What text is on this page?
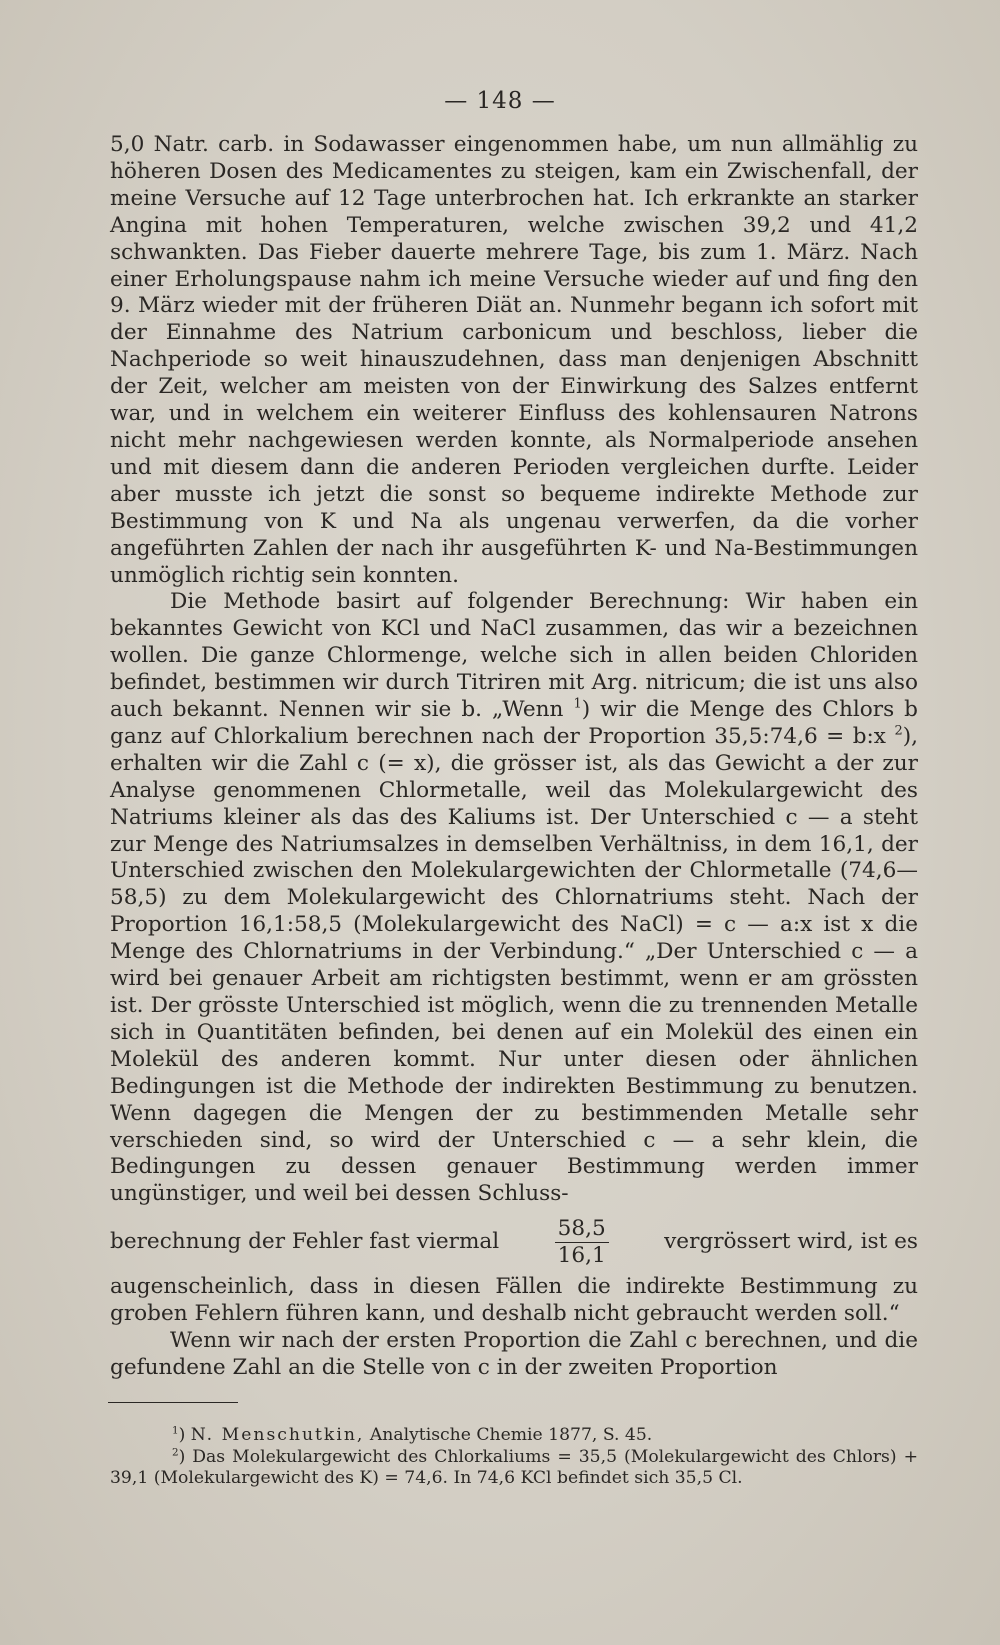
— 148 —

5,0 Natr. carb. in Sodawasser eingenommen habe, um nun allmählig zu höheren Dosen des Medicamentes zu steigen, kam ein Zwischenfall, der meine Versuche auf 12 Tage unterbrochen hat. Ich erkrankte an starker Angina mit hohen Temperaturen, welche zwischen 39,2 und 41,2 schwankten. Das Fieber dauerte mehrere Tage, bis zum 1. März. Nach einer Erholungspause nahm ich meine Versuche wieder auf und fing den 9. März wieder mit der früheren Diät an. Nunmehr begann ich sofort mit der Einnahme des Natrium carbonicum und beschloss, lieber die Nachperiode so weit hinauszudehnen, dass man denjenigen Abschnitt der Zeit, welcher am meisten von der Einwirkung des Salzes entfernt war, und in welchem ein weiterer Einfluss des kohlensauren Natrons nicht mehr nachgewiesen werden konnte, als Normalperiode ansehen und mit diesem dann die anderen Perioden vergleichen durfte. Leider aber musste ich jetzt die sonst so bequeme indirekte Methode zur Bestimmung von K und Na als ungenau verwerfen, da die vorher angeführten Zahlen der nach ihr ausgeführten K- und Na-Bestimmungen unmöglich richtig sein konnten.

Die Methode basirt auf folgender Berechnung: Wir haben ein bekanntes Gewicht von KCl und NaCl zusammen, das wir a bezeichnen wollen. Die ganze Chlormenge, welche sich in allen beiden Chloriden befindet, bestimmen wir durch Titriren mit Arg. nitricum; die ist uns also auch bekannt. Nennen wir sie b. „Wenn $^1$) wir die Menge des Chlors b ganz auf Chlorkalium berechnen nach der Proportion 35,5:74,6 = b:x $^2$), erhalten wir die Zahl c (= x), die grösser ist, als das Gewicht a der zur Analyse genommenen Chlormetalle, weil das Molekulargewicht des Natriums kleiner als das des Kaliums ist. Der Unterschied c — a steht zur Menge des Natriumsalzes in demselben Verhältniss, in dem 16,1, der Unterschied zwischen den Molekulargewichten der Chlormetalle (74,6—58,5) zu dem Molekulargewicht des Chlornatriums steht. Nach der Proportion 16,1:58,5 (Molekulargewicht des NaCl) = c — a:x ist x die Menge des Chlornatriums in der Verbindung.“ „Der Unterschied c — a wird bei genauer Arbeit am richtigsten bestimmt, wenn er am grössten ist. Der grösste Unterschied ist möglich, wenn die zu trennenden Metalle sich in Quantitäten befinden, bei denen auf ein Molekül des einen ein Molekül des anderen kommt. Nur unter diesen oder ähnlichen Bedingungen ist die Methode der indirekten Bestimmung zu benutzen. Wenn dagegen die Mengen der zu bestimmenden Metalle sehr verschieden sind, so wird der Unterschied c — a sehr klein, die Bedingungen zu dessen genauer Bestimmung werden immer ungünstiger, und weil bei dessen Schluss-

berechnung der Fehler fast viermal	$\frac{58,5}{16,1}$	vergrössert wird, ist es

augenscheinlich, dass in diesen Fällen die indirekte Bestimmung zu groben Fehlern führen kann, und deshalb nicht gebraucht werden soll.“

Wenn wir nach der ersten Proportion die Zahl c berechnen, und die gefundene Zahl an die Stelle von c in der zweiten Proportion

$^1$) N. Menschutkin, Analytische Chemie 1877, S. 45.

$^2$) Das Molekulargewicht des Chlorkaliums = 35,5 (Molekulargewicht des Chlors) + 39,1 (Molekulargewicht des K) = 74,6. In 74,6 KCl befindet sich 35,5 Cl.
